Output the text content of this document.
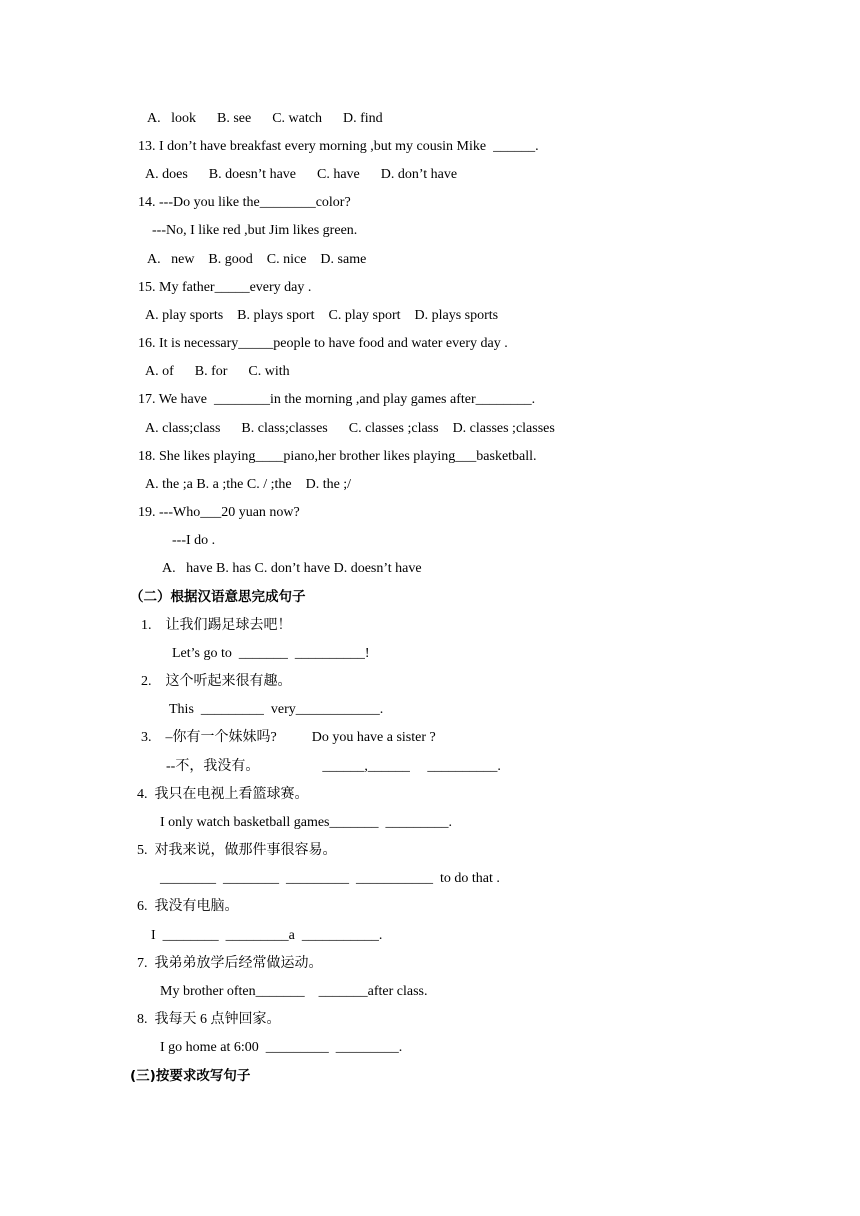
A.   look      B. see      C. watch      D. find
13. I don’t have breakfast every morning ,but my cousin Mike  ______.
A. does      B. doesn’t have      C. have      D. don’t have
14. ---Do you like the________color?
---No, I like red ,but Jim likes green.
A.   new    B. good    C. nice    D. same
15. My father_____every day .
A. play sports    B. plays sport    C. play sport    D. plays sports
16. It is necessary_____people to have food and water every day .
A. of      B. for      C. with
17. We have  ________in the morning ,and play games after________.
A. class;class      B. class;classes      C. classes ;class    D. classes ;classes
18. She likes playing____piano,her brother likes playing___basketball.
A. the ;a B. a ;the C. / ;the    D. the ;/
19. ---Who___20 yuan now?
---I do .
A.   have B. has C. don’t have D. doesn’t have
（二）根据汉语意思完成句子
1.    让我们踢足球去吧！
Let’s go to  _______  __________!
2.    这个听起来很有趣。
This  _________  very____________.
3.    –你有一个妹妹吗?          Do you have a sister ?
--不，我没有。                  ______,______     __________.
4.  我只在电视上看篮球赛。
I only watch basketball games_______  _________.
5.  对我来说，做那件事很容易。
________  ________  _________  ___________  to do that .
6.  我没有电脑。
I  ________  _________a  ___________.
7.  我弟弟放学后经常做运动。
My brother often_______    _______after class.
8.  我每天 6 点钟回家。
I go home at 6:00  _________  _________.
(三)按要求改写句子
